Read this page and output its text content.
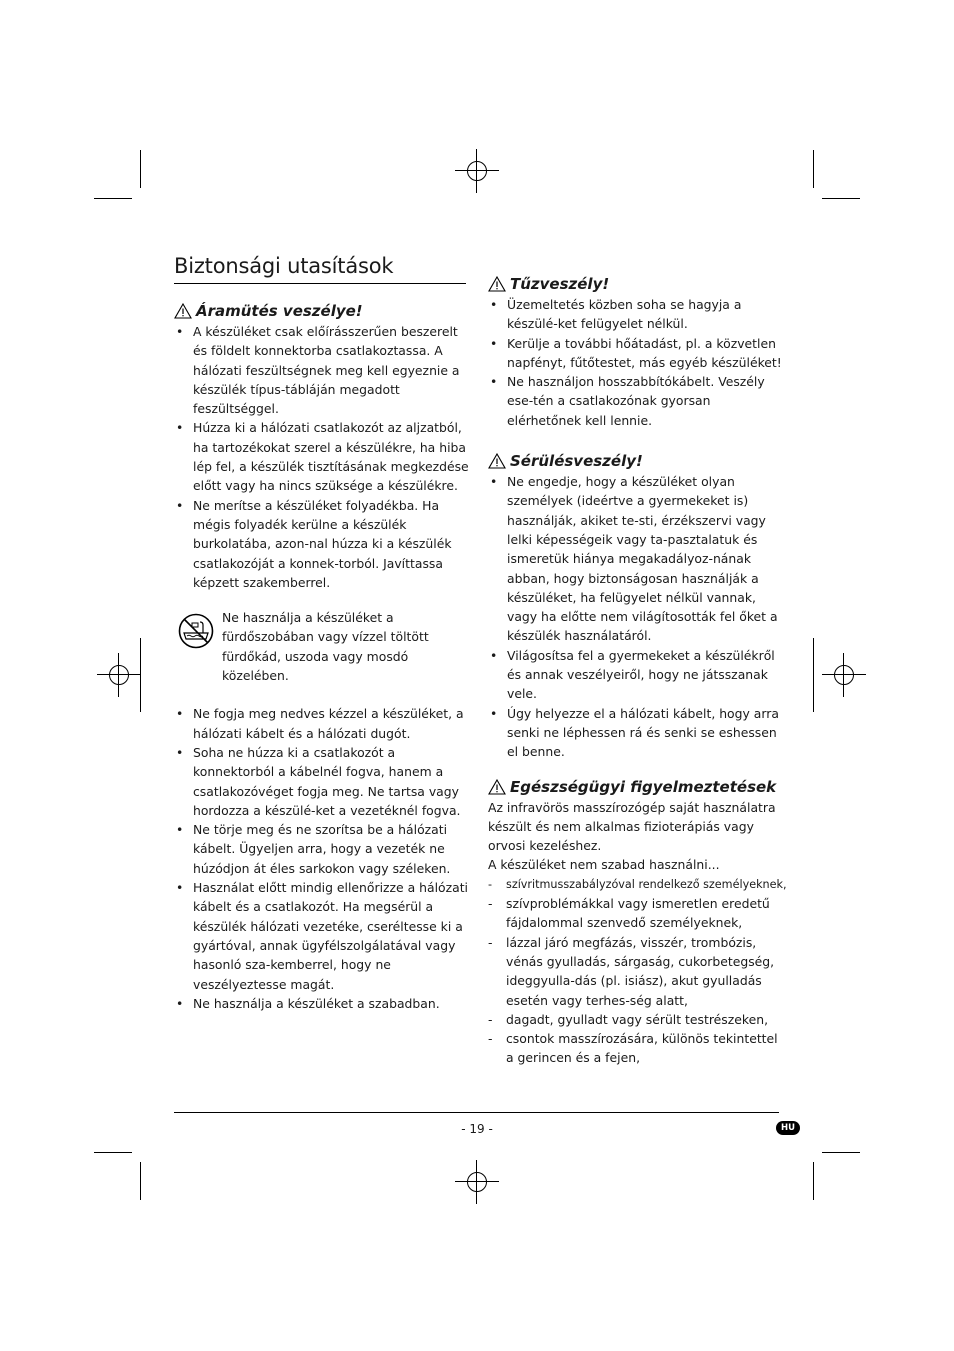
Biztonsági utasítások
Áramütés veszélye!
• A készüléket csak előírásszerűen beszerelt és földelt konnektorba csatlakoztassa. A hálózati feszültségnek meg kell egyeznie a készülék típus-tábláján megadott feszültséggel.
• Húzza ki a hálózati csatlakozót az aljzatból, ha tartozékokat szerel a készülékre, ha hiba lép fel, a készülék tisztításának megkezdése előtt vagy ha nincs szüksége a készülékre.
• Ne merítse a készüléket folyadékba. Ha mégis folyadék kerülne a készülék burkolatába, azon-nal húzza ki a készülék csatlakozóját a konnek-torból. Javíttassa képzett szakemberrel.

Ne használja a készüléket a fürdőszobában vagy vízzel töltött fürdőkád, uszoda vagy mosdó közelében.

• Ne fogja meg nedves kézzel a készüléket, a hálózati kábelt és a hálózati dugót.
• Soha ne húzza ki a csatlakozót a konnektorból a kábelnél fogva, hanem a csatlakozóvéget fogja meg. Ne tartsa vagy hordozza a készülé-ket a vezetéknél fogva.
• Ne törje meg és ne szorítsa be a hálózati kábelt. Ügyeljen arra, hogy a vezeték ne húzódjon át éles sarkokon vagy széleken.
• Használat előtt mindig ellenőrizze a hálózati kábelt és a csatlakozót. Ha megsérül a készülék hálózati vezetéke, cseréltesse ki a gyártóval, annak ügyfélszolgálatával vagy hasonló sza-kemberrel, hogy ne veszélyeztesse magát.
• Ne használja a készüléket a szabadban.
Tűzveszély!
• Üzemeltetés közben soha se hagyja a készülé-ket felügyelet nélkül.
• Kerülje a további hőátadást, pl. a közvetlen napfényt, fűtőtestet, más egyéb készüléket!
• Ne használjon hosszabbítókábelt. Veszély ese-tén a csatlakozónak gyorsan elérhetőnek kell lennie.
Sérülésveszély!
• Ne engedje, hogy a készüléket olyan személyek (ideértve a gyermekeket is) használják, akiket te-sti, érzékszervi vagy lelki képességeik vagy ta-pasztalatuk és ismeretük hiánya megakadályoz-nának abban, hogy biztonságosan használják a készüléket, ha felügyelet nélkül vannak, vagy ha előtte nem világítosották fel őket a készülék használatáról.
• Világosítsa fel a gyermekeket a készülékről és annak veszélyeiről, hogy ne játsszanak vele.
• Úgy helyezze el a hálózati kábelt, hogy arra senki ne léphessen rá és senki se eshessen el benne.
Egészségügyi figyelmeztetések

Az infravörös masszírozógép saját használatra készült és nem alkalmas fizioterápiás vagy orvosi kezeléshez.

A készüléket nem szabad használni...

- szívritmusszabályzóval rendelkező személyeknek,
- szívproblémákkal vagy ismeretlen eredetű fájdalommal szenvedő személyeknek,
- lázzal járó megfázás, visszér, trombózis, vénás gyulladás, sárgaság, cukorbetegség, ideggyulla-dás (pl. isiász), akut gyulladás esetén vagy terhes-ség alatt,
- dagadt, gyulladt vagy sérült testrészeken,
- csontok masszírozására, különös tekintettel a gerincen és a fejen,
- 19 -	HU
